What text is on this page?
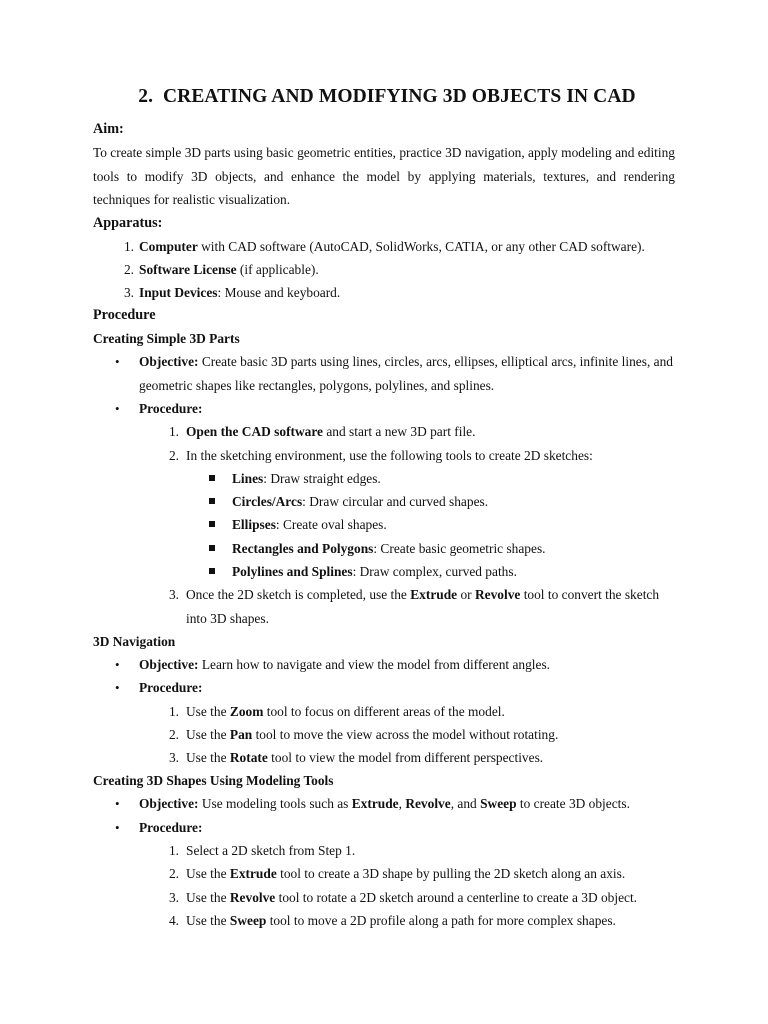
2. CREATING AND MODIFYING 3D OBJECTS IN CAD
Aim:

To create simple 3D parts using basic geometric entities, practice 3D navigation, apply modeling and editing tools to modify 3D objects, and enhance the model by applying materials, textures, and rendering techniques for realistic visualization.

Apparatus:
1. Computer with CAD software (AutoCAD, SolidWorks, CATIA, or any other CAD software).
2. Software License (if applicable).
3. Input Devices: Mouse and keyboard.
Procedure
Creating Simple 3D Parts
• Objective: Create basic 3D parts using lines, circles, arcs, ellipses, elliptical arcs, infinite lines, and geometric shapes like rectangles, polygons, polylines, and splines.
• Procedure:
1. Open the CAD software and start a new 3D part file.
2. In the sketching environment, use the following tools to create 2D sketches:
Lines: Draw straight edges.
Circles/Arcs: Draw circular and curved shapes.
Ellipses: Create oval shapes.
Rectangles and Polygons: Create basic geometric shapes.
Polylines and Splines: Draw complex, curved paths.
3. Once the 2D sketch is completed, use the Extrude or Revolve tool to convert the sketch into 3D shapes.
3D Navigation
• Objective: Learn how to navigate and view the model from different angles.
• Procedure:
1. Use the Zoom tool to focus on different areas of the model.
2. Use the Pan tool to move the view across the model without rotating.
3. Use the Rotate tool to view the model from different perspectives.
Creating 3D Shapes Using Modeling Tools
• Objective: Use modeling tools such as Extrude, Revolve, and Sweep to create 3D objects.
• Procedure:
1. Select a 2D sketch from Step 1.
2. Use the Extrude tool to create a 3D shape by pulling the 2D sketch along an axis.
3. Use the Revolve tool to rotate a 2D sketch around a centerline to create a 3D object.
4. Use the Sweep tool to move a 2D profile along a path for more complex shapes.
